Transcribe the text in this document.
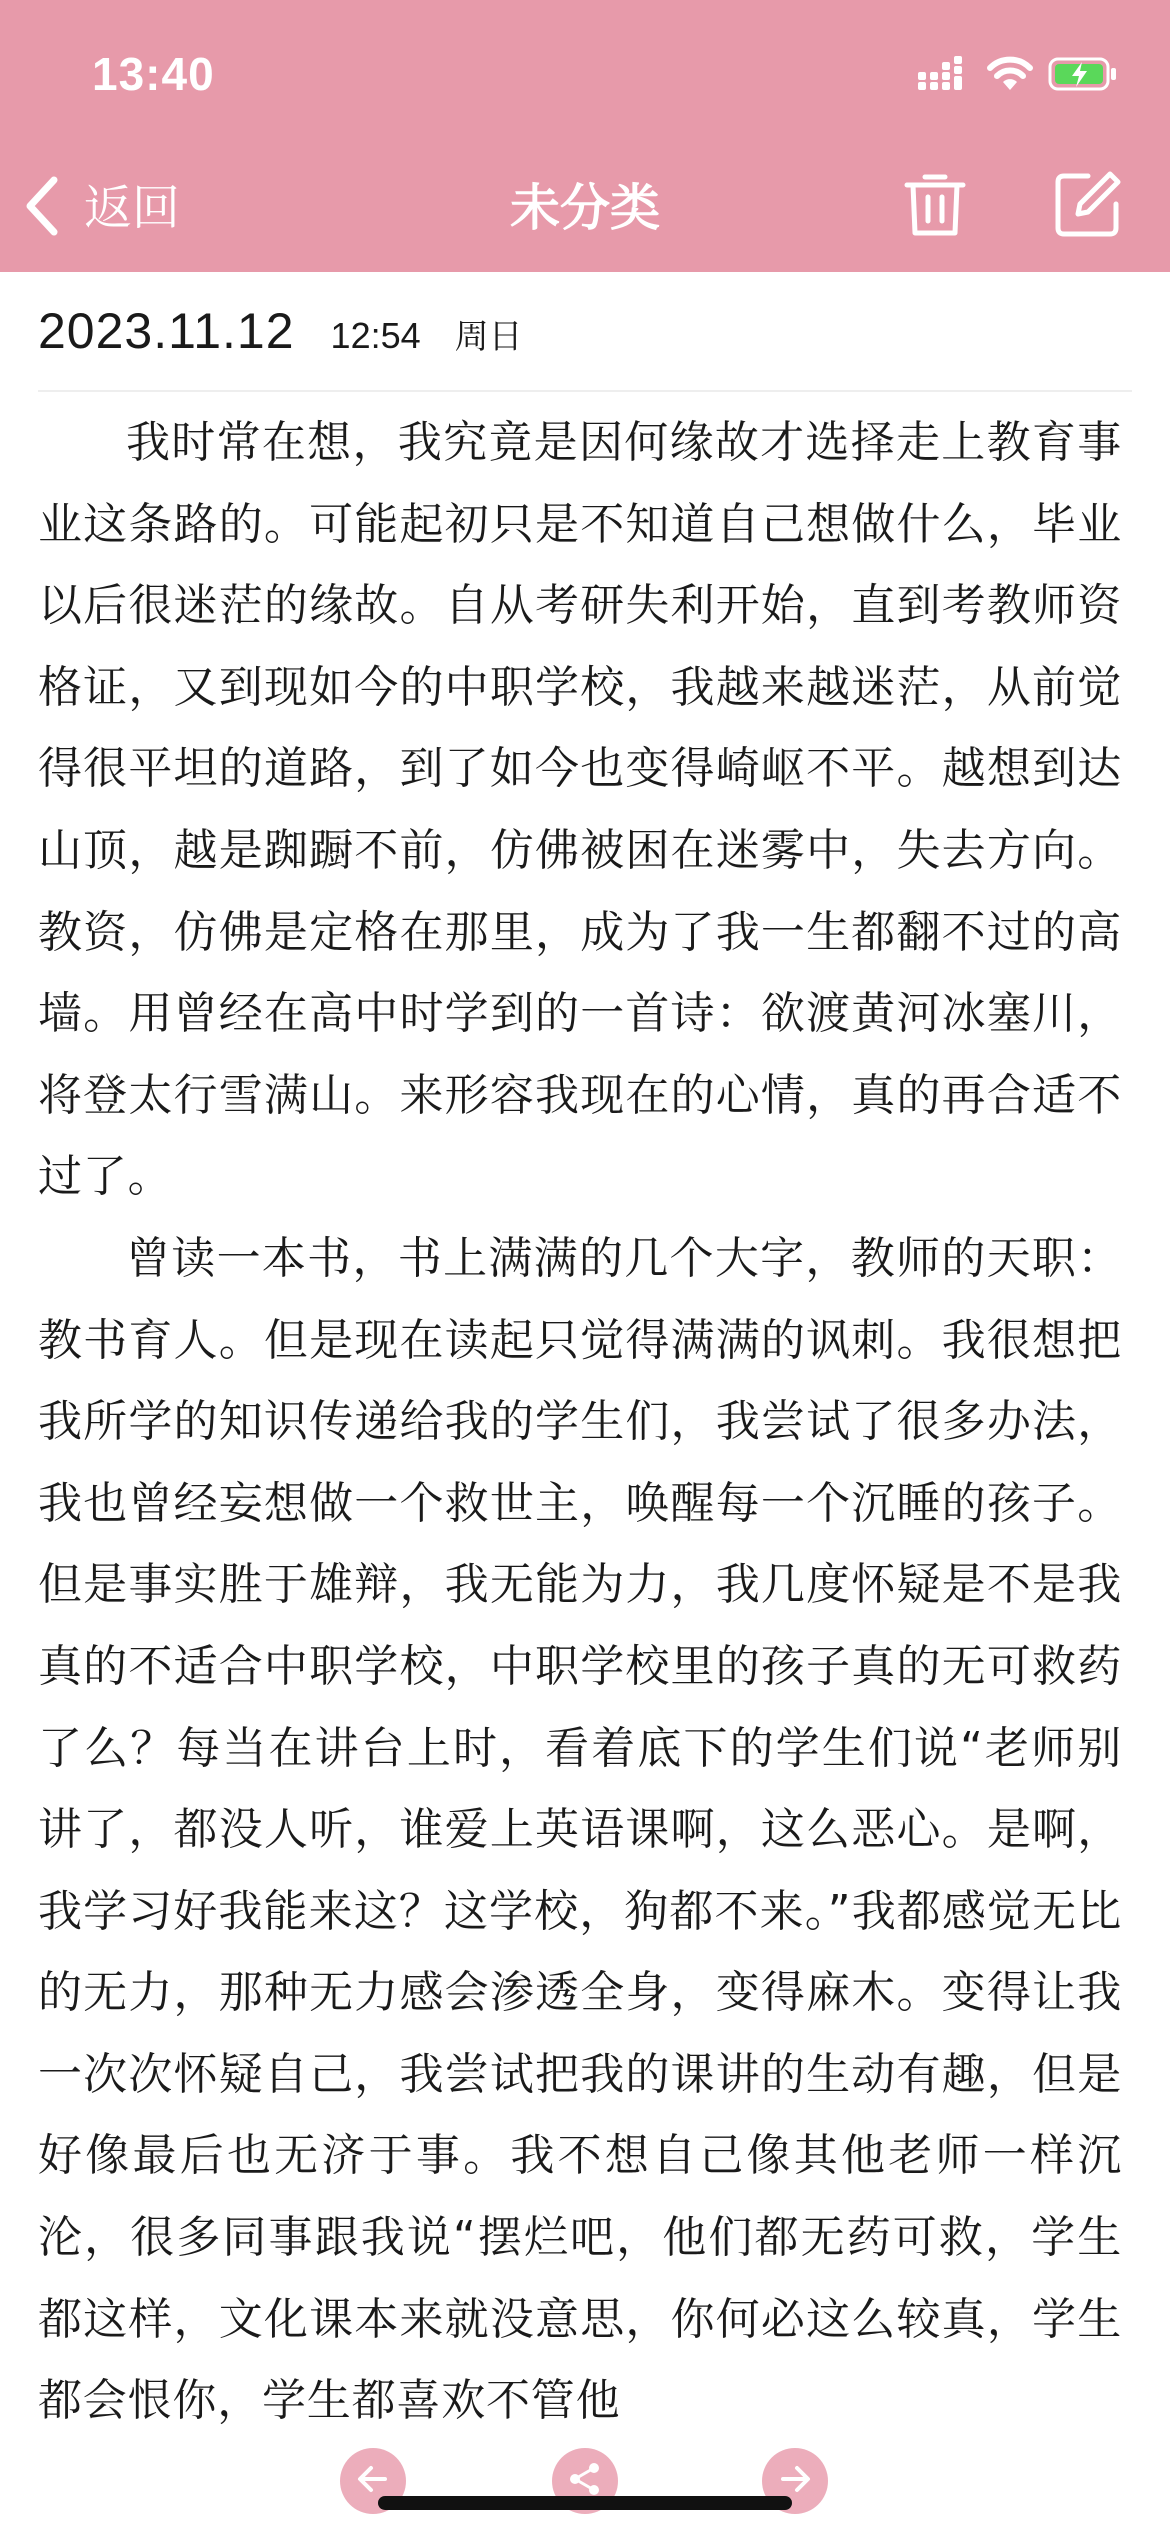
13:40
返回	未分类
2023.11.12 12:54 周日

我时常在想，我究竟是因何缘故才选择走上教育事业这条路的。可能起初只是不知道自己想做什么，毕业以后很迷茫的缘故。自从考研失利开始，直到考教师资格证，又到现如今的中职学校，我越来越迷茫，从前觉得很平坦的道路，到了如今也变得崎岖不平。越想到达山顶，越是踟蹰不前，仿佛被困在迷雾中，失去方向。教资，仿佛是定格在那里，成为了我一生都翻不过的高墙。用曾经在高中时学到的一首诗：欲渡黄河冰塞川，将登太行雪满山。来形容我现在的心情，真的再合适不过了。

曾读一本书，书上满满的几个大字，教师的天职：教书育人。但是现在读起只觉得满满的讽刺。我很想把我所学的知识传递给我的学生们，我尝试了很多办法，我也曾经妄想做一个救世主，唤醒每一个沉睡的孩子。但是事实胜于雄辩，我无能为力，我几度怀疑是不是我真的不适合中职学校，中职学校里的孩子真的无可救药了么？每当在讲台上时，看着底下的学生们说“老师别讲了，都没人听，谁爱上英语课啊，这么恶心。是啊，我学习好我能来这？这学校，狗都不来。”我都感觉无比的无力，那种无力感会渗透全身，变得麻木。变得让我一次次怀疑自己，我尝试把我的课讲的生动有趣，但是好像最后也无济于事。我不想自己像其他老师一样沉沦，很多同事跟我说“摆烂吧，他们都无药可救，学生都这样，文化课本来就没意思，你何必这么较真，学生都会恨你，学生都喜欢不管他
